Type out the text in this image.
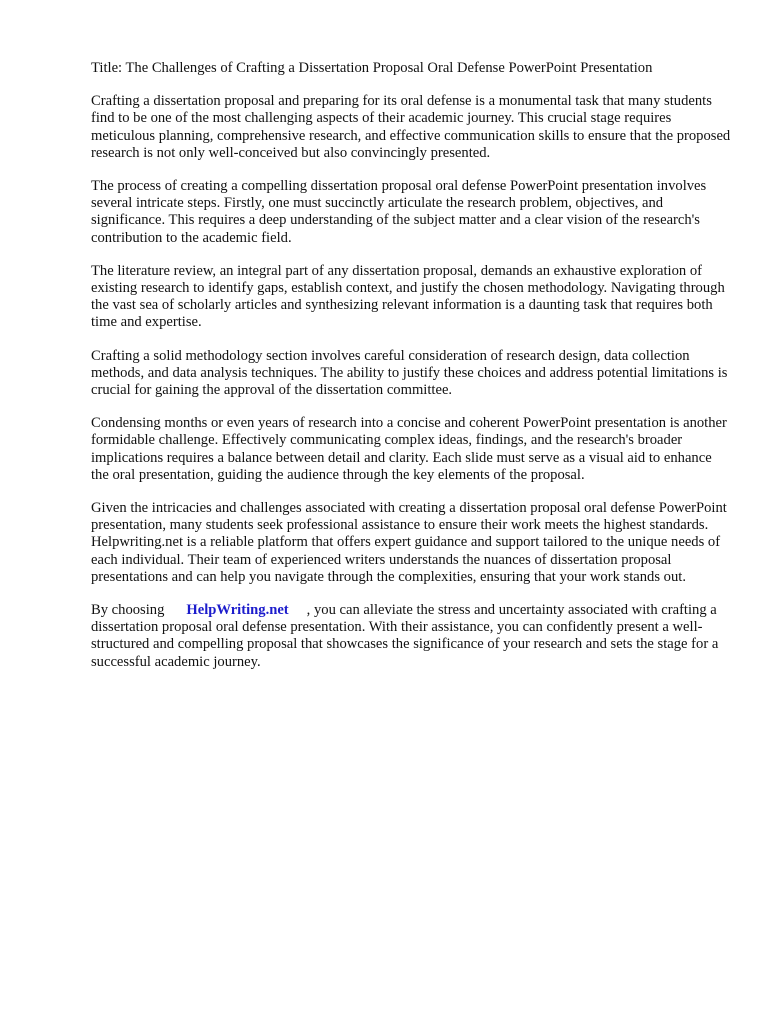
Title: The Challenges of Crafting a Dissertation Proposal Oral Defense PowerPoint Presentation

Crafting a dissertation proposal and preparing for its oral defense is a monumental task that many students find to be one of the most challenging aspects of their academic journey. This crucial stage requires meticulous planning, comprehensive research, and effective communication skills to ensure that the proposed research is not only well-conceived but also convincingly presented.

The process of creating a compelling dissertation proposal oral defense PowerPoint presentation involves several intricate steps. Firstly, one must succinctly articulate the research problem, objectives, and significance. This requires a deep understanding of the subject matter and a clear vision of the research's contribution to the academic field.

The literature review, an integral part of any dissertation proposal, demands an exhaustive exploration of existing research to identify gaps, establish context, and justify the chosen methodology. Navigating through the vast sea of scholarly articles and synthesizing relevant information is a daunting task that requires both time and expertise.

Crafting a solid methodology section involves careful consideration of research design, data collection methods, and data analysis techniques. The ability to justify these choices and address potential limitations is crucial for gaining the approval of the dissertation committee.

Condensing months or even years of research into a concise and coherent PowerPoint presentation is another formidable challenge. Effectively communicating complex ideas, findings, and the research's broader implications requires a balance between detail and clarity. Each slide must serve as a visual aid to enhance the oral presentation, guiding the audience through the key elements of the proposal.

Given the intricacies and challenges associated with creating a dissertation proposal oral defense PowerPoint presentation, many students seek professional assistance to ensure their work meets the highest standards. Helpwriting.net is a reliable platform that offers expert guidance and support tailored to the unique needs of each individual. Their team of experienced writers understands the nuances of dissertation proposal presentations and can help you navigate through the complexities, ensuring that your work stands out.

By choosing HelpWriting.net , you can alleviate the stress and uncertainty associated with crafting a dissertation proposal oral defense presentation. With their assistance, you can confidently present a well-structured and compelling proposal that showcases the significance of your research and sets the stage for a successful academic journey.
